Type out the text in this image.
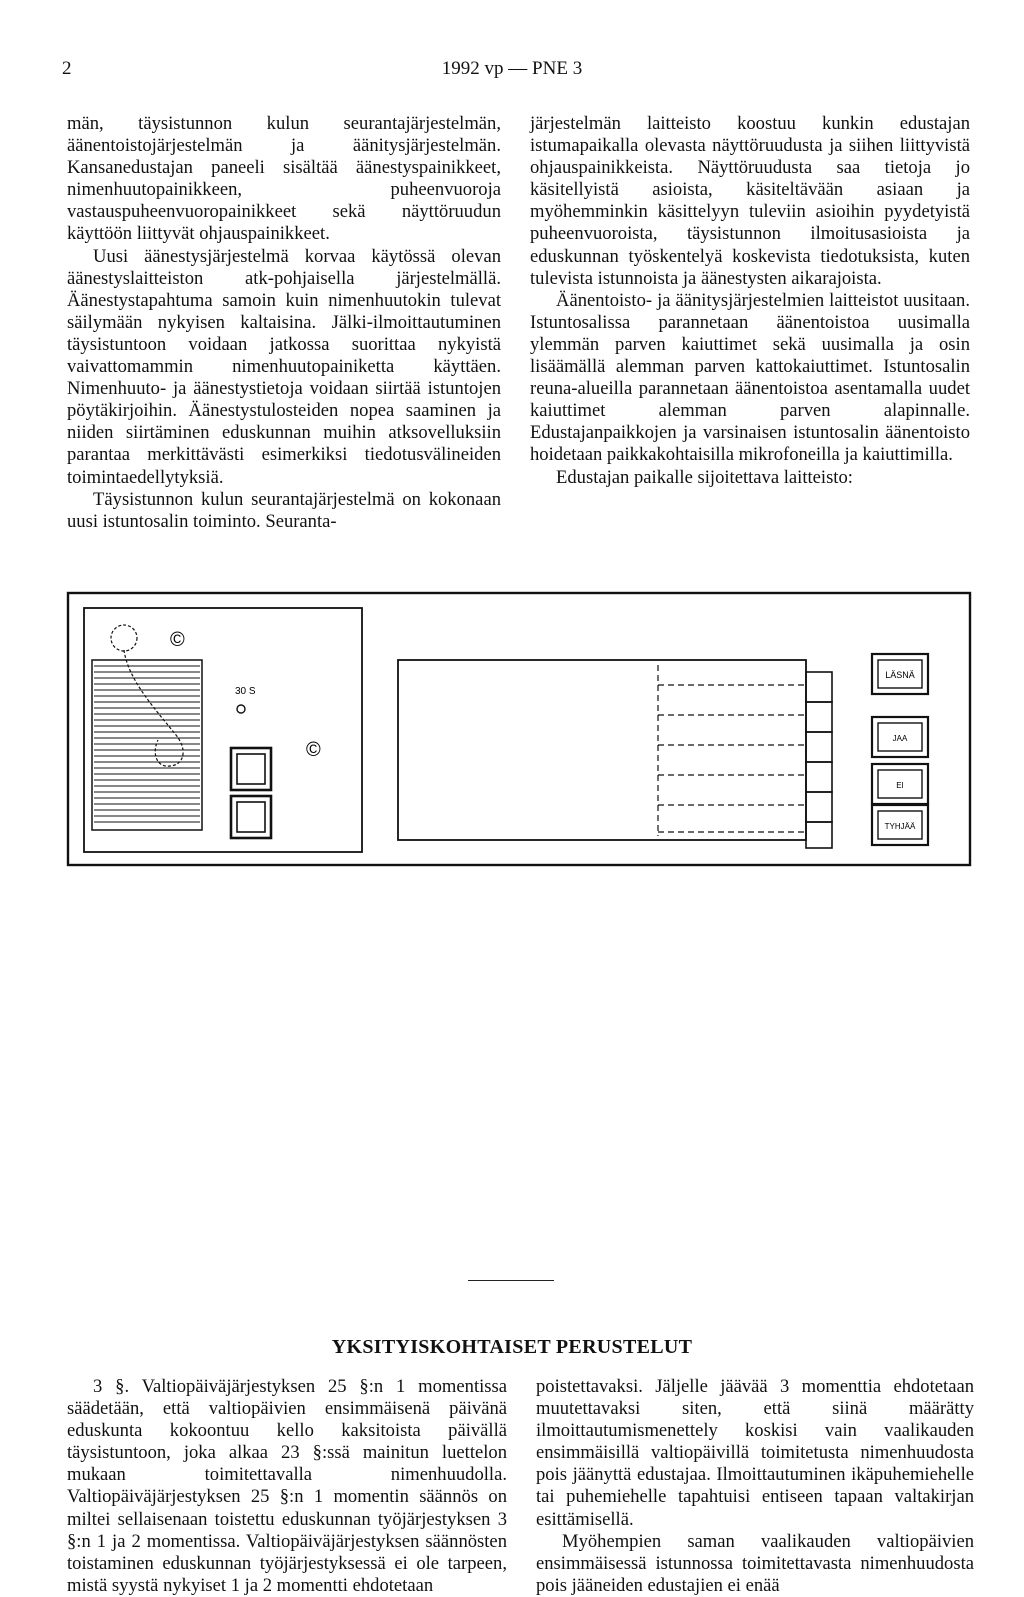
2	1992 vp — PNE 3

män, täysistunnon kulun seurantajärjestelmän, äänentoistojärjestelmän ja äänitysjärjestelmän. Kansanedustajan paneeli sisältää äänestyspainikkeet, nimenhuutopainikkeen, puheenvuoroja vastauspuheenvuoropainikkeet sekä näyttöruudun käyttöön liittyvät ohjauspainikkeet.

Uusi äänestysjärjestelmä korvaa käytössä olevan äänestyslaitteiston atk-pohjaisella järjestelmällä. Äänestystapahtuma samoin kuin nimenhuutokin tulevat säilymään nykyisen kaltaisina. Jälki-ilmoittautuminen täysistuntoon voidaan jatkossa suorittaa nykyistä vaivattomammin nimenhuutopainiketta käyttäen. Nimenhuuto- ja äänestystietoja voidaan siirtää istuntojen pöytäkirjoihin. Äänestystulosteiden nopea saaminen ja niiden siirtäminen eduskunnan muihin atksovelluksiin parantaa merkittävästi esimerkiksi tiedotusvälineiden toimintaedellytyksiä.

Täysistunnon kulun seurantajärjestelmä on kokonaan uusi istuntosalin toiminto. Seuranta-

järjestelmän laitteisto koostuu kunkin edustajan istumapaikalla olevasta näyttöruudusta ja siihen liittyvistä ohjauspainikkeista. Näyttöruudusta saa tietoja jo käsitellyistä asioista, käsiteltävään asiaan ja myöhemminkin käsittelyyn tuleviin asioihin pyydetyistä puheenvuoroista, täysistunnon ilmoitusasioista ja eduskunnan työskentelyä koskevista tiedotuksista, kuten tulevista istunnoista ja äänestysten aikarajoista.

Äänentoisto- ja äänitysjärjestelmien laitteistot uusitaan. Istuntosalissa parannetaan äänentoistoa uusimalla ylemmän parven kaiuttimet sekä uusimalla ja osin lisäämällä alemman parven kattokaiuttimet. Istuntosalin reuna-alueilla parannetaan äänentoistoa asentamalla uudet kaiuttimet alemman parven alapinnalle. Edustajanpaikkojen ja varsinaisen istuntosalin äänentoisto hoidetaan paikkakohtaisilla mikrofoneilla ja kaiuttimilla.

Edustajan paikalle sijoitettava laitteisto:

©
©
30 S
LÄSNÄ
JAA
EI
TYHJÄÄ
YKSITYISKOHTAISET PERUSTELUT

3 §. Valtiopäiväjärjestyksen 25 §:n 1 momentissa säädetään, että valtiopäivien ensimmäisenä päivänä eduskunta kokoontuu kello kaksitoista päivällä täysistuntoon, joka alkaa 23 §:ssä mainitun luettelon mukaan toimitettavalla nimenhuudolla. Valtiopäiväjärjestyksen 25 §:n 1 momentin säännös on miltei sellaisenaan toistettu eduskunnan työjärjestyksen 3 §:n 1 ja 2 momentissa. Valtiopäiväjärjestyksen säännösten toistaminen eduskunnan työjärjestyksessä ei ole tarpeen, mistä syystä nykyiset 1 ja 2 momentti ehdotetaan

poistettavaksi. Jäljelle jäävää 3 momenttia ehdotetaan muutettavaksi siten, että siinä määrätty ilmoittautumismenettely koskisi vain vaalikauden ensimmäisillä valtiopäivillä toimitetusta nimenhuudosta pois jäänyttä edustajaa. Ilmoittautuminen ikäpuhemiehelle tai puhemiehelle tapahtuisi entiseen tapaan valtakirjan esittämisellä.

Myöhempien saman vaalikauden valtiopäivien ensimmäisessä istunnossa toimitettavasta nimenhuudosta pois jääneiden edustajien ei enää
